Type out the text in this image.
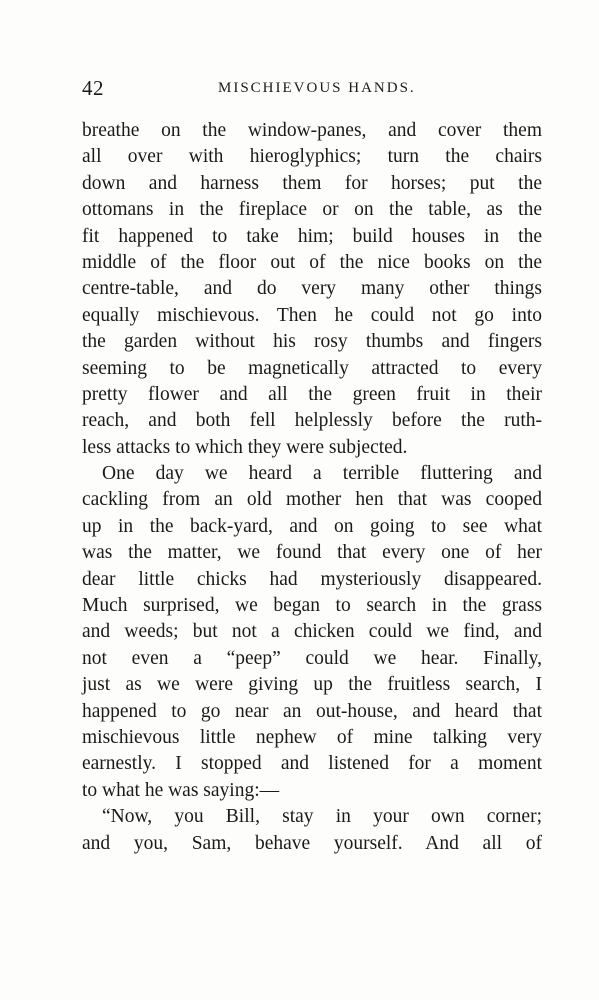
42	MISCHIEVOUS HANDS.
breathe on the window-panes, and cover them
all over with hieroglyphics; turn the chairs
down and harness them for horses; put the
ottomans in the fireplace or on the table, as the
fit happened to take him; build houses in the
middle of the floor out of the nice books on the
centre-table, and do very many other things
equally mischievous. Then he could not go into
the garden without his rosy thumbs and fingers
seeming to be magnetically attracted to every
pretty flower and all the green fruit in their
reach, and both fell helplessly before the ruth-
less attacks to which they were subjected.
One day we heard a terrible fluttering and
cackling from an old mother hen that was cooped
up in the back-yard, and on going to see what
was the matter, we found that every one of her
dear little chicks had mysteriously disappeared.
Much surprised, we began to search in the grass
and weeds; but not a chicken could we find, and
not even a “peep” could we hear. Finally,
just as we were giving up the fruitless search, I
happened to go near an out-house, and heard that
mischievous little nephew of mine talking very
earnestly. I stopped and listened for a moment
to what he was saying:—
“Now, you Bill, stay in your own corner;
and you, Sam, behave yourself. And all of
